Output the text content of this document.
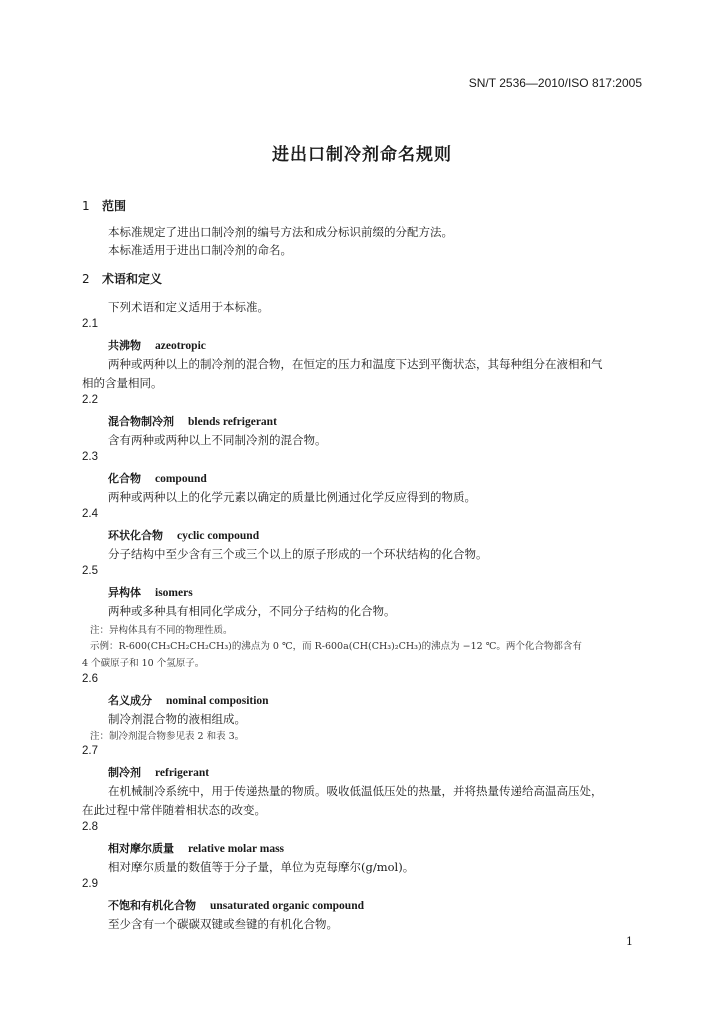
SN/T 2536—2010/ISO 817:2005
进出口制冷剂命名规则
1 范围
本标准规定了进出口制冷剂的编号方法和成分标识前缀的分配方法。
本标准适用于进出口制冷剂的命名。
2 术语和定义
下列术语和定义适用于本标准。
2.1
共沸物 azeotropic
两种或两种以上的制冷剂的混合物，在恒定的压力和温度下达到平衡状态，其每种组分在液相和气
相的含量相同。
2.2
混合物制冷剂 blends refrigerant
含有两种或两种以上不同制冷剂的混合物。
2.3
化合物 compound
两种或两种以上的化学元素以确定的质量比例通过化学反应得到的物质。
2.4
环状化合物 cyclic compound
分子结构中至少含有三个或三个以上的原子形成的一个环状结构的化合物。
2.5
异构体 isomers
两种或多种具有相同化学成分，不同分子结构的化合物。
注：异构体具有不同的物理性质。
示例：R-600(CH₃CH₂CH₂CH₃)的沸点为 0 ℃，而 R-600a(CH(CH₃)₂CH₃)的沸点为 −12 ℃。两个化合物都含有
4 个碳原子和 10 个氢原子。
2.6
名义成分 nominal composition
制冷剂混合物的液相组成。
注：制冷剂混合物参见表 2 和表 3。
2.7
制冷剂 refrigerant
在机械制冷系统中，用于传递热量的物质。吸收低温低压处的热量，并将热量传递给高温高压处，
在此过程中常伴随着相状态的改变。
2.8
相对摩尔质量 relative molar mass
相对摩尔质量的数值等于分子量，单位为克每摩尔(g/mol)。
2.9
不饱和有机化合物 unsaturated organic compound
至少含有一个碳碳双键或叁键的有机化合物。
1
